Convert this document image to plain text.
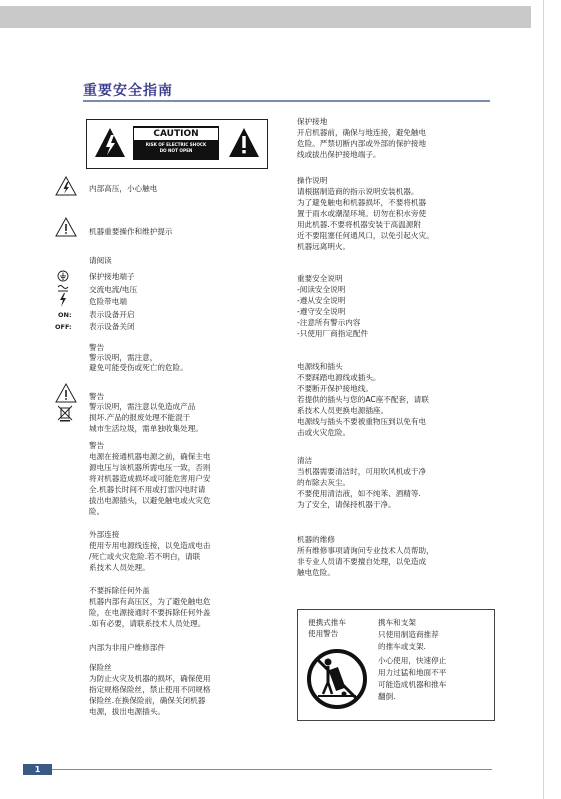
重要安全指南
CAUTION
RISK OF ELECTRIC SHOCK
DO NOT OPEN
内部高压，小心触电
机器重要操作和维护提示
请阅读
保护接地端子
交流电流/电压
危险带电端
ON: 表示设备开启
OFF: 表示设备关闭
警告
警示说明，需注意，
避免可能受伤或死亡的危险。
警告
警示说明，需注意以免造成产品
损坏.产品的报废处理不能混于
城市生活垃圾，需单独收集处理。
警告
电源在接通机器电源之前，确保主电
源电压与该机器所需电压一致，否则
将对机器造成损坏或可能危害用户安
全.机器长时间不用或打雷闪电时请
拔出电源插头，以避免触电或火灾危
险。
外部连接
使用专用电源线连接，以免造成电击
/死亡或火灾危险.若不明白，请联
系技术人员处理。
不要拆除任何外盖
机器内部有高压区，为了避免触电危
险，在电源接通时不要拆除任何外盖
.如有必要，请联系技术人员处理。
内部为非用户维修部件
保险丝
为防止火灾及机器的损坏，确保使用
指定规格保险丝，禁止使用不同规格
保险丝.在换保险前，确保关闭机器
电源，拔出电源插头。
保护接地
开启机器前，确保与地连接，避免触电
危险。严禁切断内部或外部的保护接地
线或拔出保护接地端子。
操作说明
请根据制造商的指示说明安装机器。
为了避免触电和机器损坏，不要将机器
置于雨水或潮湿环境。切勿在积水旁使
用此机器.不要将机器安装于高温源附
近不要阻塞任何通风口，以免引起火灾。
机器远离明火。
重要安全说明
-阅读安全说明
-遵从安全说明
-遵守安全说明
-注意所有警示内容
-只使用厂商指定配件
电源线和插头
不要踩踏电源线或插头。
不要断开保护接地线。
若提供的插头与您的AC座不配套，请联
系技术人员更换电源插座。
电源线与插头不要被重物压到以免有电
击或火灾危险。
清洁
当机器需要清洁时，可用吹风机或干净
的布除去灰尘。
不要使用清洁液，如不纯苯、酒精等.
为了安全，请保持机器干净。
机器的维修
所有维修事项请询问专业技术人员帮助，
非专业人员请不要擅自处理，以免造成
触电危险。
便携式推车
使用警告
携车和支架
只使用制造商推荐
的推车或支架.
小心使用，快速停止
用力过猛和地面不平
可能造成机器和推车
翻倒.
1
